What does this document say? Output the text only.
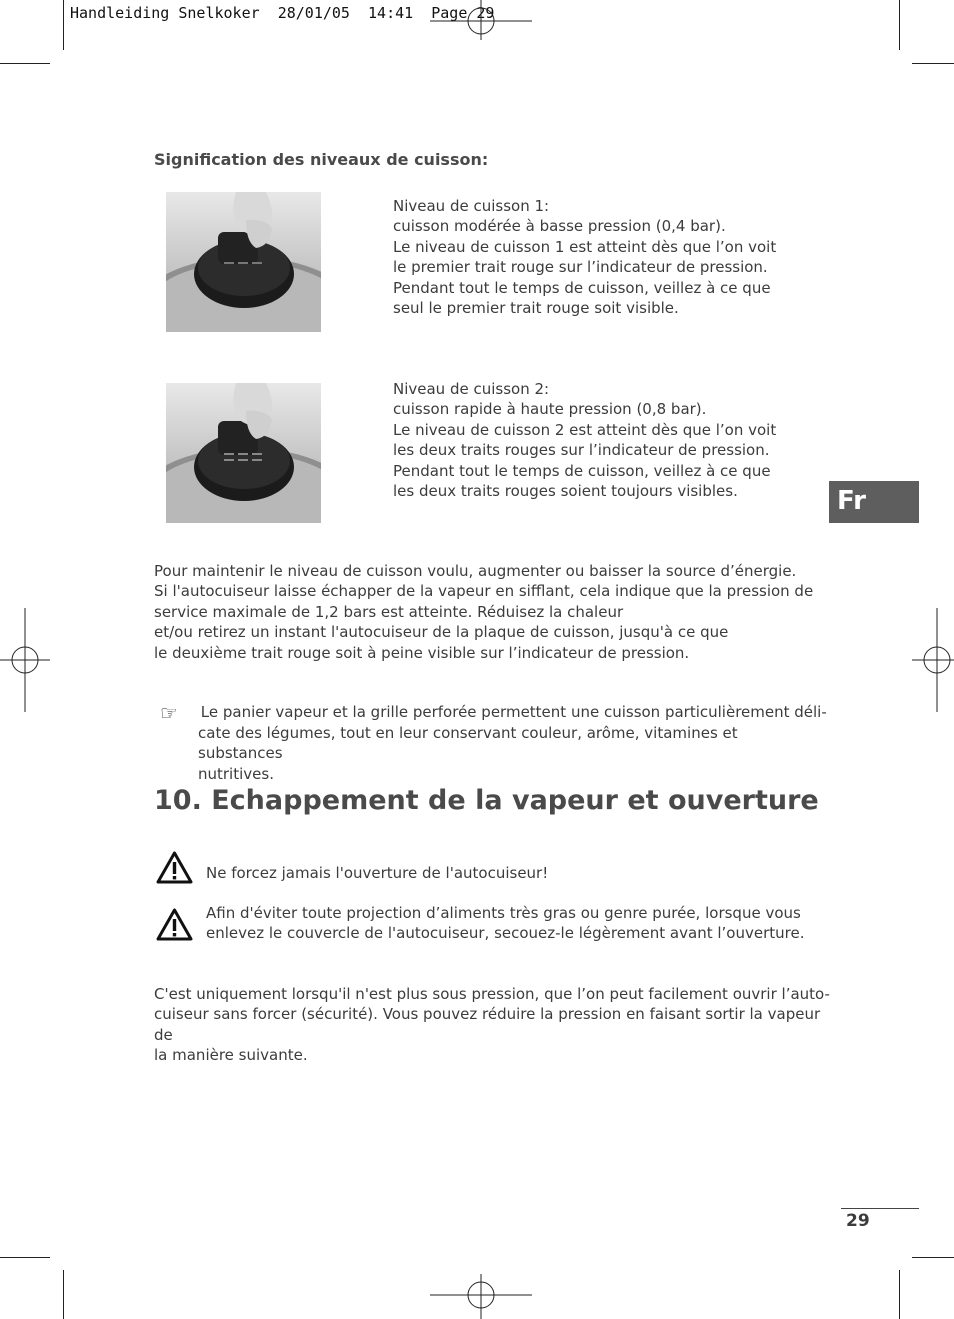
Handleiding Snelkoker  28/01/05  14:41  Page 29
Signification des niveaux de cuisson:
Niveau de cuisson 1:
cuisson modérée à basse pression (0,4 bar).
Le niveau de cuisson 1 est atteint dès que l’on voit
le premier trait rouge sur l’indicateur de pression.
Pendant tout le temps de cuisson, veillez à ce que
seul le premier trait rouge soit visible.
Niveau de cuisson 2:
cuisson rapide à haute pression (0,8 bar).
Le niveau de cuisson 2 est atteint dès que l’on voit
les deux traits rouges sur l’indicateur de pression.
Pendant tout le temps de cuisson, veillez à ce que
les deux traits rouges soient toujours visibles.	Fr
Pour maintenir le niveau de cuisson voulu, augmenter ou baisser la source d’énergie.
Si l'autocuiseur laisse échapper de la vapeur en sifflant, cela indique que la pression de
service maximale de 1,2 bars est atteinte. Réduisez la chaleur
et/ou retirez un instant l'autocuiseur de la plaque de cuisson, jusqu'à ce que
le deuxième trait rouge soit à peine visible sur l’indicateur de pression.
☞ Le panier vapeur et la grille perforée permettent une cuisson particulièrement déli-
cate des légumes, tout en leur conservant couleur, arôme, vitamines et substances
nutritives.
10. Echappement de la vapeur et ouverture
Ne forcez jamais l'ouverture de l'autocuiseur!
Afin d'éviter toute projection d’aliments très gras ou genre purée, lorsque vous
enlevez le couvercle de l'autocuiseur, secouez-le légèrement avant l’ouverture.
C'est uniquement lorsqu'il n'est plus sous pression, que l’on peut facilement ouvrir l’auto-
cuiseur sans forcer (sécurité). Vous pouvez réduire la pression en faisant sortir la vapeur de
la manière suivante.
29
